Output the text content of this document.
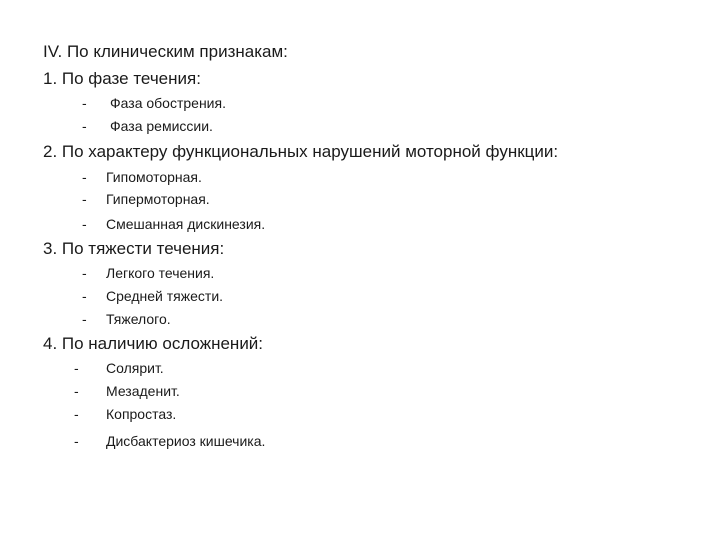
IV. По клиническим признакам:
1. По фазе течения:
- Фаза обострения.
- Фаза ремиссии.
2. По характеру функциональных нарушений моторной функции:
- Гипомоторная.
- Гипермоторная.
- Смешанная дискинезия.
3. По тяжести течения:
- Легкого течения.
- Средней тяжести.
- Тяжелого.
4. По наличию осложнений:
- Солярит.
- Мезаденит.
- Копростаз.
- Дисбактериоз кишечика.
